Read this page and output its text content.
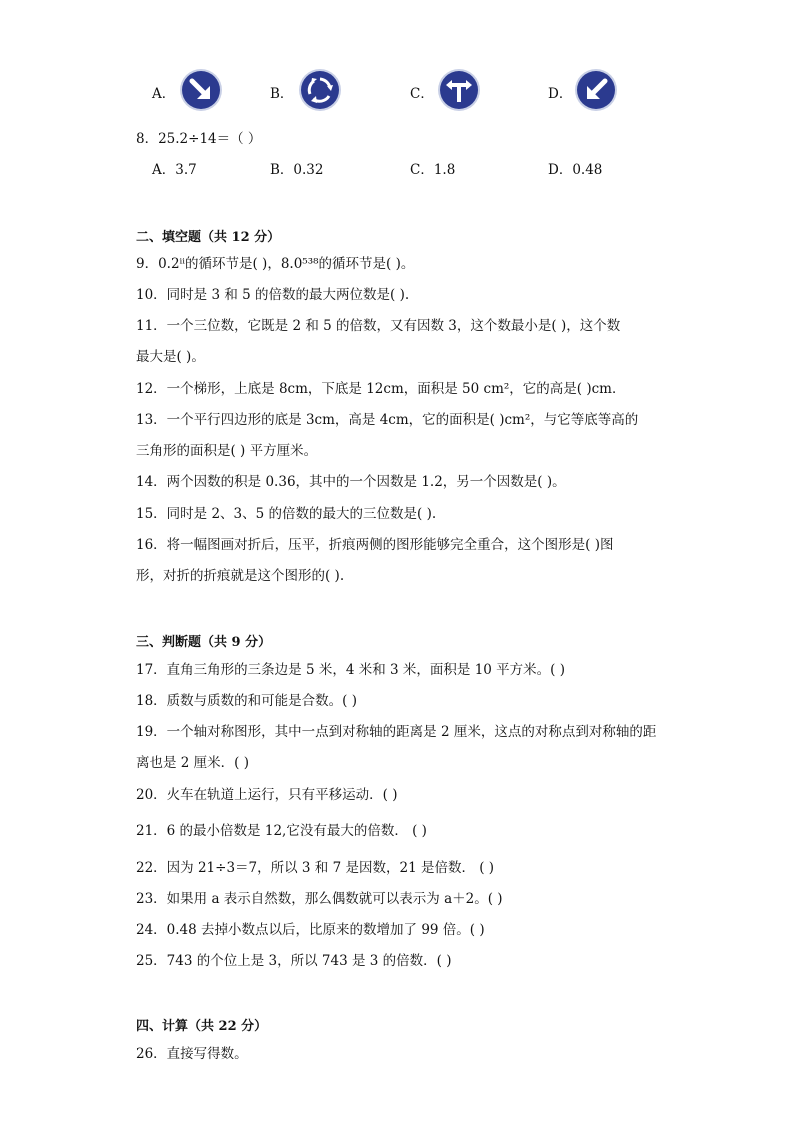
A．	B．	C．	D．
8．25.2÷14＝（ ）
A．3.7	B．0.32	C．1.8	D．0.48
二、填空题（共 12 分）
9．0.2ⁱⁱ的循环节是( )，8.0⁵³⁸的循环节是( )。
10．同时是 3 和 5 的倍数的最大两位数是( ).
11．一个三位数，它既是 2 和 5 的倍数，又有因数 3，这个数最小是( )，这个数
最大是( )。
12．一个梯形，上底是 8cm，下底是 12cm，面积是 50 cm²，它的高是( )cm．
13．一个平行四边形的底是 3cm，高是 4cm，它的面积是( )cm²，与它等底等高的
三角形的面积是( ) 平方厘米。
14．两个因数的积是 0.36，其中的一个因数是 1.2，另一个因数是( )。
15．同时是 2、3、5 的倍数的最大的三位数是( ).
16．将一幅图画对折后，压平，折痕两侧的图形能够完全重合，这个图形是( )图
形，对折的折痕就是这个图形的( ).
三、判断题（共 9 分）
17．直角三角形的三条边是 5 米，4 米和 3 米，面积是 10 平方米。( )
18．质数与质数的和可能是合数。( )
19．一个轴对称图形，其中一点到对称轴的距离是 2 厘米，这点的对称点到对称轴的距
离也是 2 厘米．( )
20．火车在轨道上运行，只有平移运动．( )
21．6 的最小倍数是 12,它没有最大的倍数． ( )
22．因为 21÷3＝7，所以 3 和 7 是因数，21 是倍数． ( )
23．如果用 a 表示自然数，那么偶数就可以表示为 a＋2。( )
24．0.48 去掉小数点以后，比原来的数增加了 99 倍。( )
25．743 的个位上是 3，所以 743 是 3 的倍数．( )
四、计算（共 22 分）
26．直接写得数。
